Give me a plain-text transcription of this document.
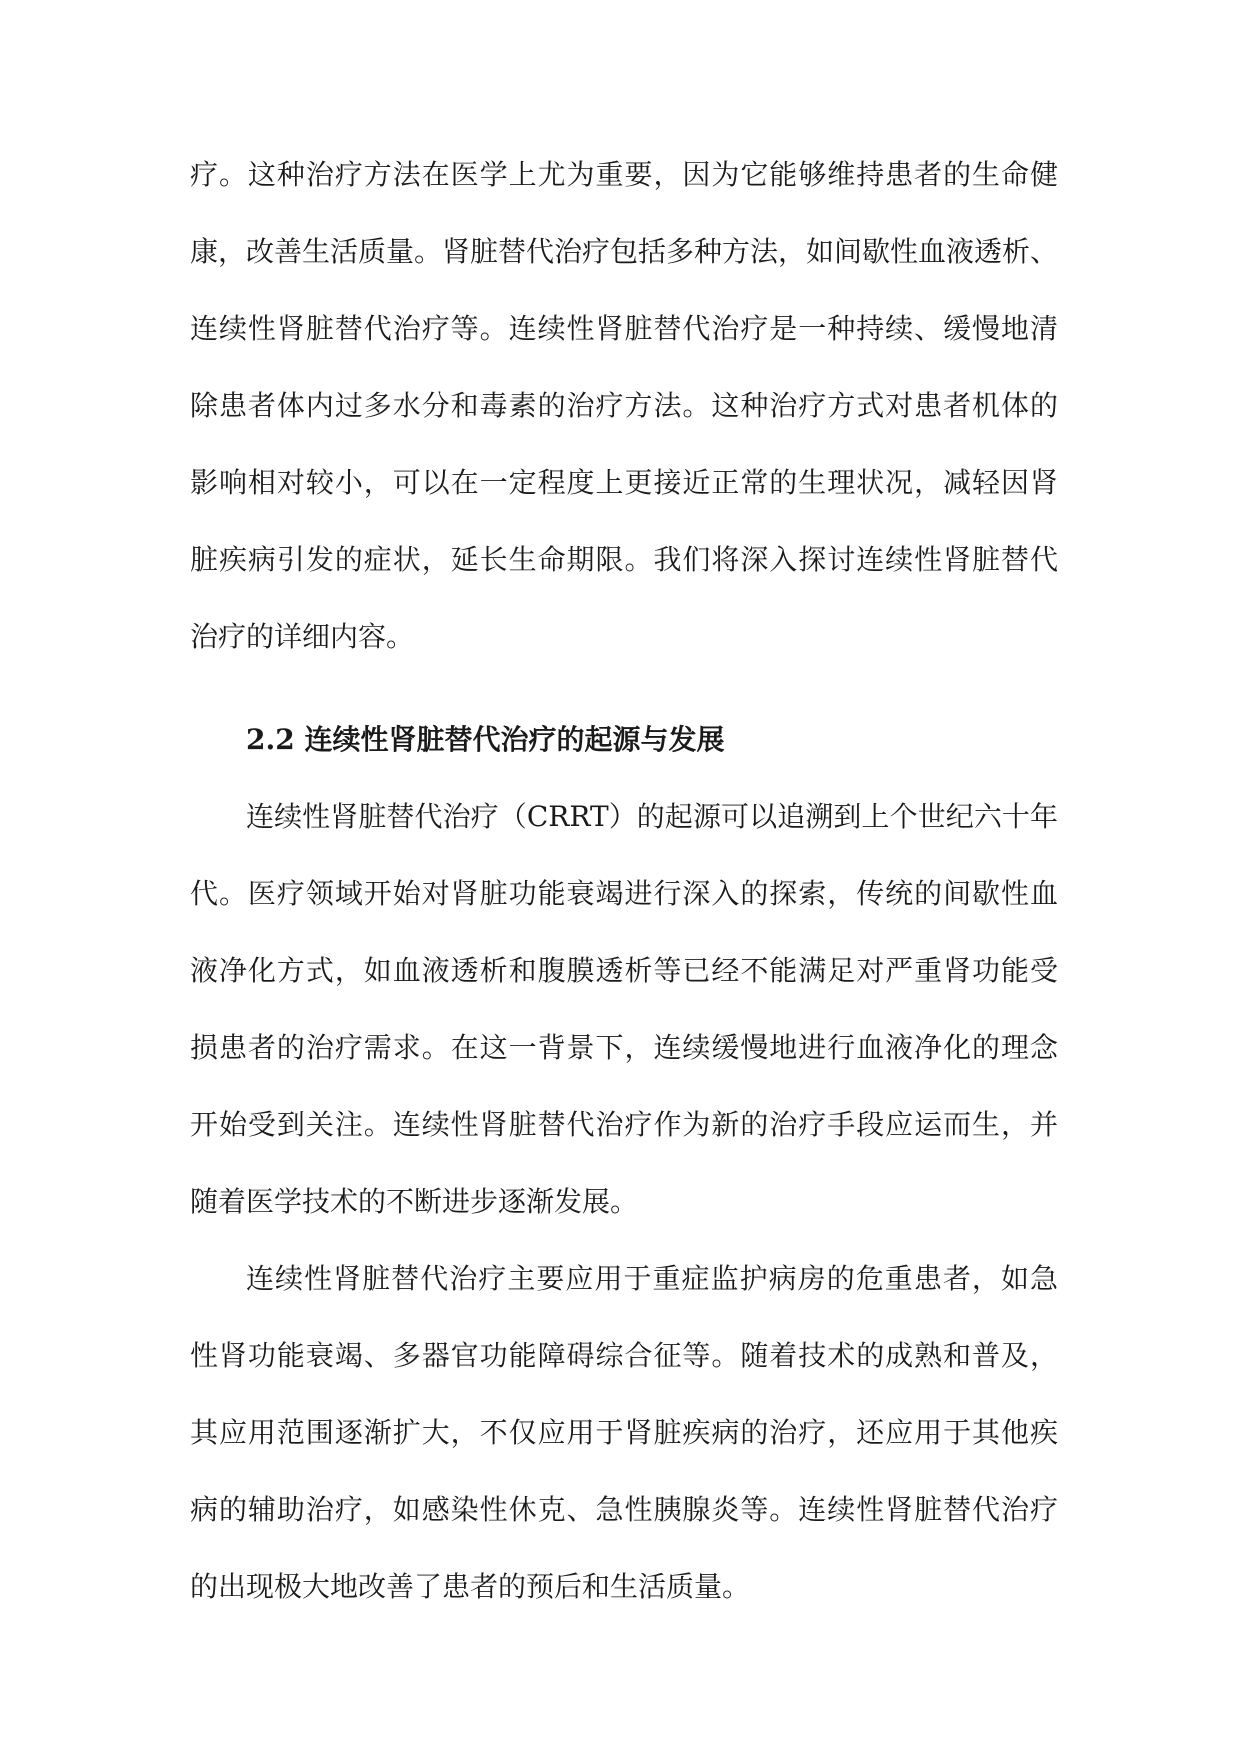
疗。这种治疗方法在医学上尤为重要，因为它能够维持患者的生命健
康，改善生活质量。肾脏替代治疗包括多种方法，如间歇性血液透析、
连续性肾脏替代治疗等。连续性肾脏替代治疗是一种持续、缓慢地清
除患者体内过多水分和毒素的治疗方法。这种治疗方式对患者机体的
影响相对较小，可以在一定程度上更接近正常的生理状况，减轻因肾
脏疾病引发的症状，延长生命期限。我们将深入探讨连续性肾脏替代
治疗的详细内容。
2.2 连续性肾脏替代治疗的起源与发展
连续性肾脏替代治疗（CRRT）的起源可以追溯到上个世纪六十年
代。医疗领域开始对肾脏功能衰竭进行深入的探索，传统的间歇性血
液净化方式，如血液透析和腹膜透析等已经不能满足对严重肾功能受
损患者的治疗需求。在这一背景下，连续缓慢地进行血液净化的理念
开始受到关注。连续性肾脏替代治疗作为新的治疗手段应运而生，并
随着医学技术的不断进步逐渐发展。
连续性肾脏替代治疗主要应用于重症监护病房的危重患者，如急
性肾功能衰竭、多器官功能障碍综合征等。随着技术的成熟和普及，
其应用范围逐渐扩大，不仅应用于肾脏疾病的治疗，还应用于其他疾
病的辅助治疗，如感染性休克、急性胰腺炎等。连续性肾脏替代治疗
的出现极大地改善了患者的预后和生活质量。
